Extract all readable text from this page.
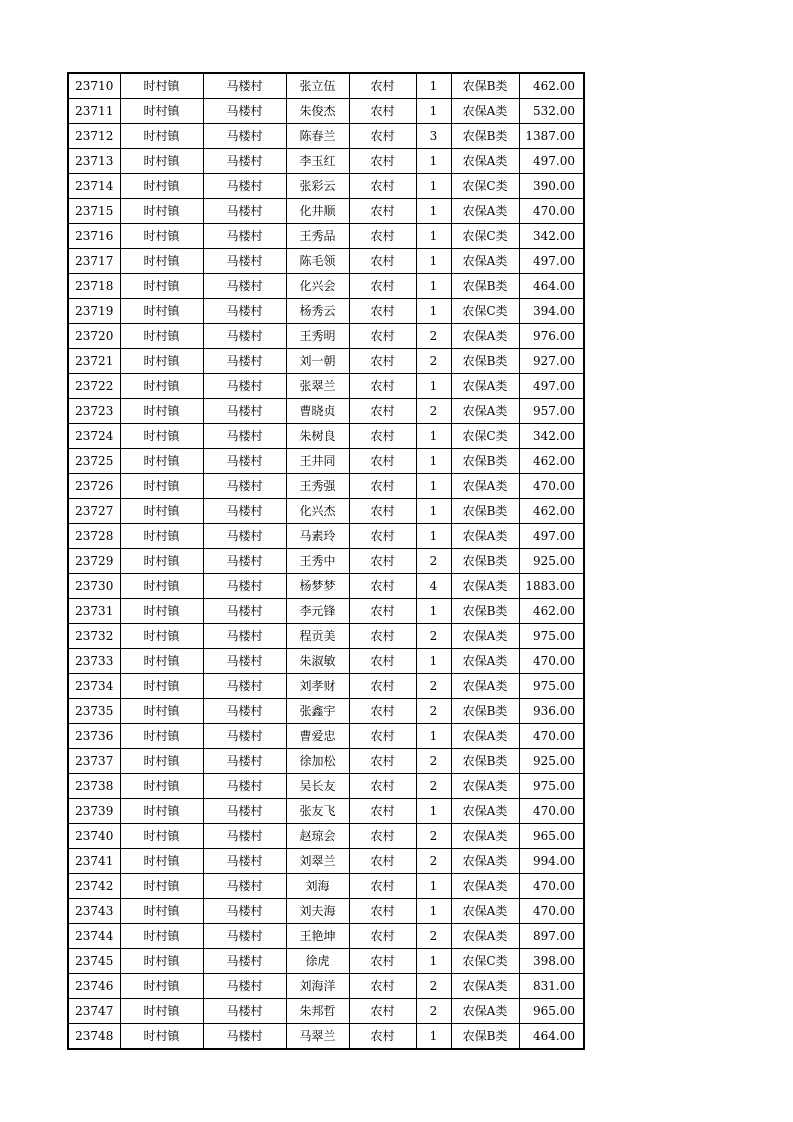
23710	时村镇	马楼村	张立伍	农村	1	农保B类	462.00
23711	时村镇	马楼村	朱俊杰	农村	1	农保A类	532.00
23712	时村镇	马楼村	陈春兰	农村	3	农保B类	1387.00
23713	时村镇	马楼村	李玉红	农村	1	农保A类	497.00
23714	时村镇	马楼村	张彩云	农村	1	农保C类	390.00
23715	时村镇	马楼村	化井顺	农村	1	农保A类	470.00
23716	时村镇	马楼村	王秀品	农村	1	农保C类	342.00
23717	时村镇	马楼村	陈毛领	农村	1	农保A类	497.00
23718	时村镇	马楼村	化兴会	农村	1	农保B类	464.00
23719	时村镇	马楼村	杨秀云	农村	1	农保C类	394.00
23720	时村镇	马楼村	王秀明	农村	2	农保A类	976.00
23721	时村镇	马楼村	刘一朝	农村	2	农保B类	927.00
23722	时村镇	马楼村	张翠兰	农村	1	农保A类	497.00
23723	时村镇	马楼村	曹晓贞	农村	2	农保A类	957.00
23724	时村镇	马楼村	朱树良	农村	1	农保C类	342.00
23725	时村镇	马楼村	王井同	农村	1	农保B类	462.00
23726	时村镇	马楼村	王秀强	农村	1	农保A类	470.00
23727	时村镇	马楼村	化兴杰	农村	1	农保B类	462.00
23728	时村镇	马楼村	马素玲	农村	1	农保A类	497.00
23729	时村镇	马楼村	王秀中	农村	2	农保B类	925.00
23730	时村镇	马楼村	杨梦梦	农村	4	农保A类	1883.00
23731	时村镇	马楼村	李元锋	农村	1	农保B类	462.00
23732	时村镇	马楼村	程贡美	农村	2	农保A类	975.00
23733	时村镇	马楼村	朱淑敏	农村	1	农保A类	470.00
23734	时村镇	马楼村	刘孝财	农村	2	农保A类	975.00
23735	时村镇	马楼村	张鑫宇	农村	2	农保B类	936.00
23736	时村镇	马楼村	曹爱忠	农村	1	农保A类	470.00
23737	时村镇	马楼村	徐加松	农村	2	农保B类	925.00
23738	时村镇	马楼村	吴长友	农村	2	农保A类	975.00
23739	时村镇	马楼村	张友飞	农村	1	农保A类	470.00
23740	时村镇	马楼村	赵琼会	农村	2	农保A类	965.00
23741	时村镇	马楼村	刘翠兰	农村	2	农保A类	994.00
23742	时村镇	马楼村	刘海	农村	1	农保A类	470.00
23743	时村镇	马楼村	刘夫海	农村	1	农保A类	470.00
23744	时村镇	马楼村	王艳坤	农村	2	农保A类	897.00
23745	时村镇	马楼村	徐虎	农村	1	农保C类	398.00
23746	时村镇	马楼村	刘海洋	农村	2	农保A类	831.00
23747	时村镇	马楼村	朱邦哲	农村	2	农保A类	965.00
23748	时村镇	马楼村	马翠兰	农村	1	农保B类	464.00
